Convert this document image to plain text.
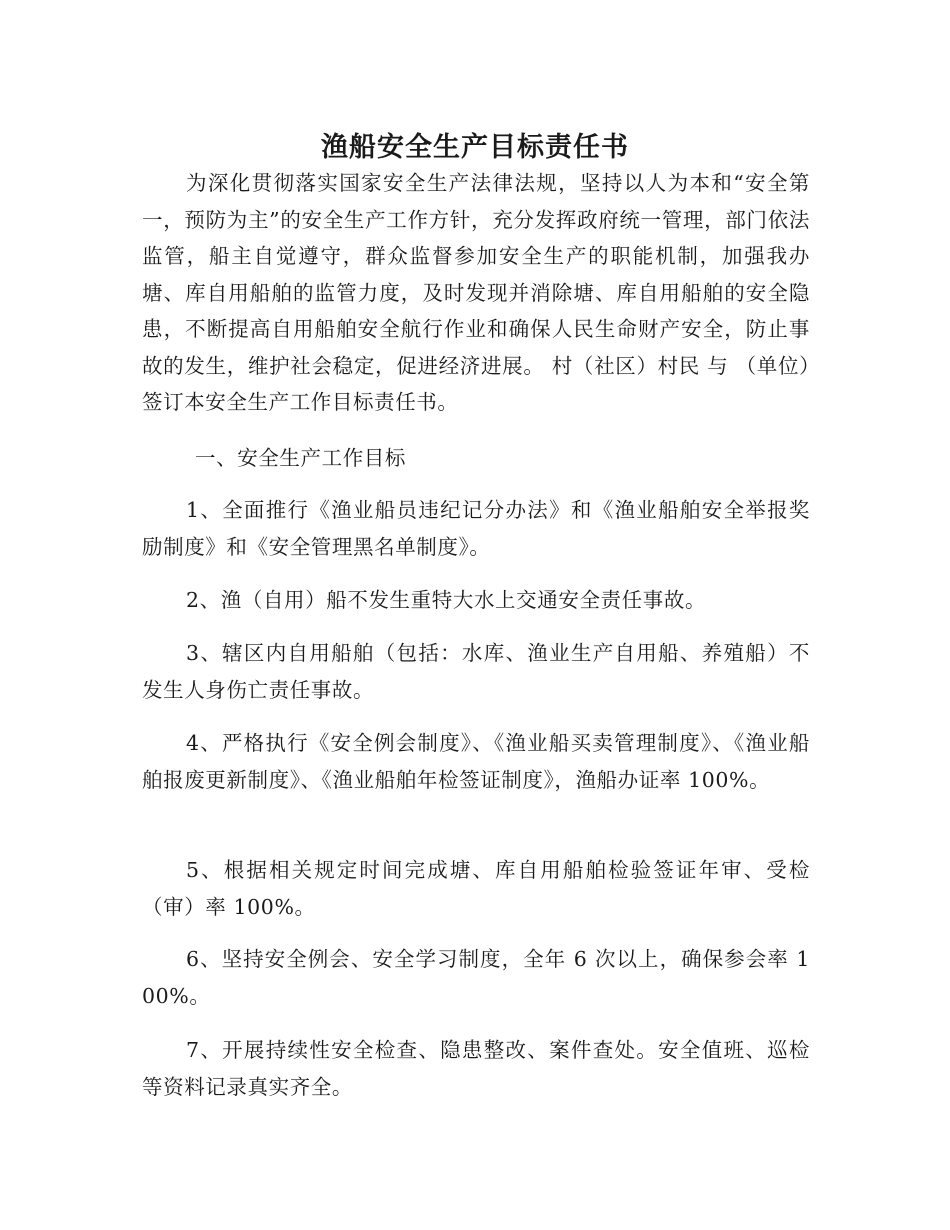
渔船安全生产目标责任书

为深化贯彻落实国家安全生产法律法规，坚持以人为本和“安全第一，预防为主”的安全生产工作方针，充分发挥政府统一管理，部门依法监管，船主自觉遵守，群众监督参加安全生产的职能机制，加强我办塘、库自用船舶的监管力度，及时发现并消除塘、库自用船舶的安全隐患，不断提高自用船舶安全航行作业和确保人民生命财产安全，防止事故的发生，维护社会稳定，促进经济进展。 村（社区）村民 与 （单位）签订本安全生产工作目标责任书。

一、安全生产工作目标

1、全面推行《渔业船员违纪记分办法》和《渔业船舶安全举报奖励制度》和《安全管理黑名单制度》。

2、渔（自用）船不发生重特大水上交通安全责任事故。

3、辖区内自用船舶（包括：水库、渔业生产自用船、养殖船）不发生人身伤亡责任事故。

4、严格执行《安全例会制度》、《渔业船买卖管理制度》、《渔业船舶报废更新制度》、《渔业船舶年检签证制度》，渔船办证率 100%。

5、根据相关规定时间完成塘、库自用船舶检验签证年审、受检（审）率 100%。

6、坚持安全例会、安全学习制度，全年 6 次以上，确保参会率 100%。

7、开展持续性安全检查、隐患整改、案件查处。安全值班、巡检等资料记录真实齐全。
